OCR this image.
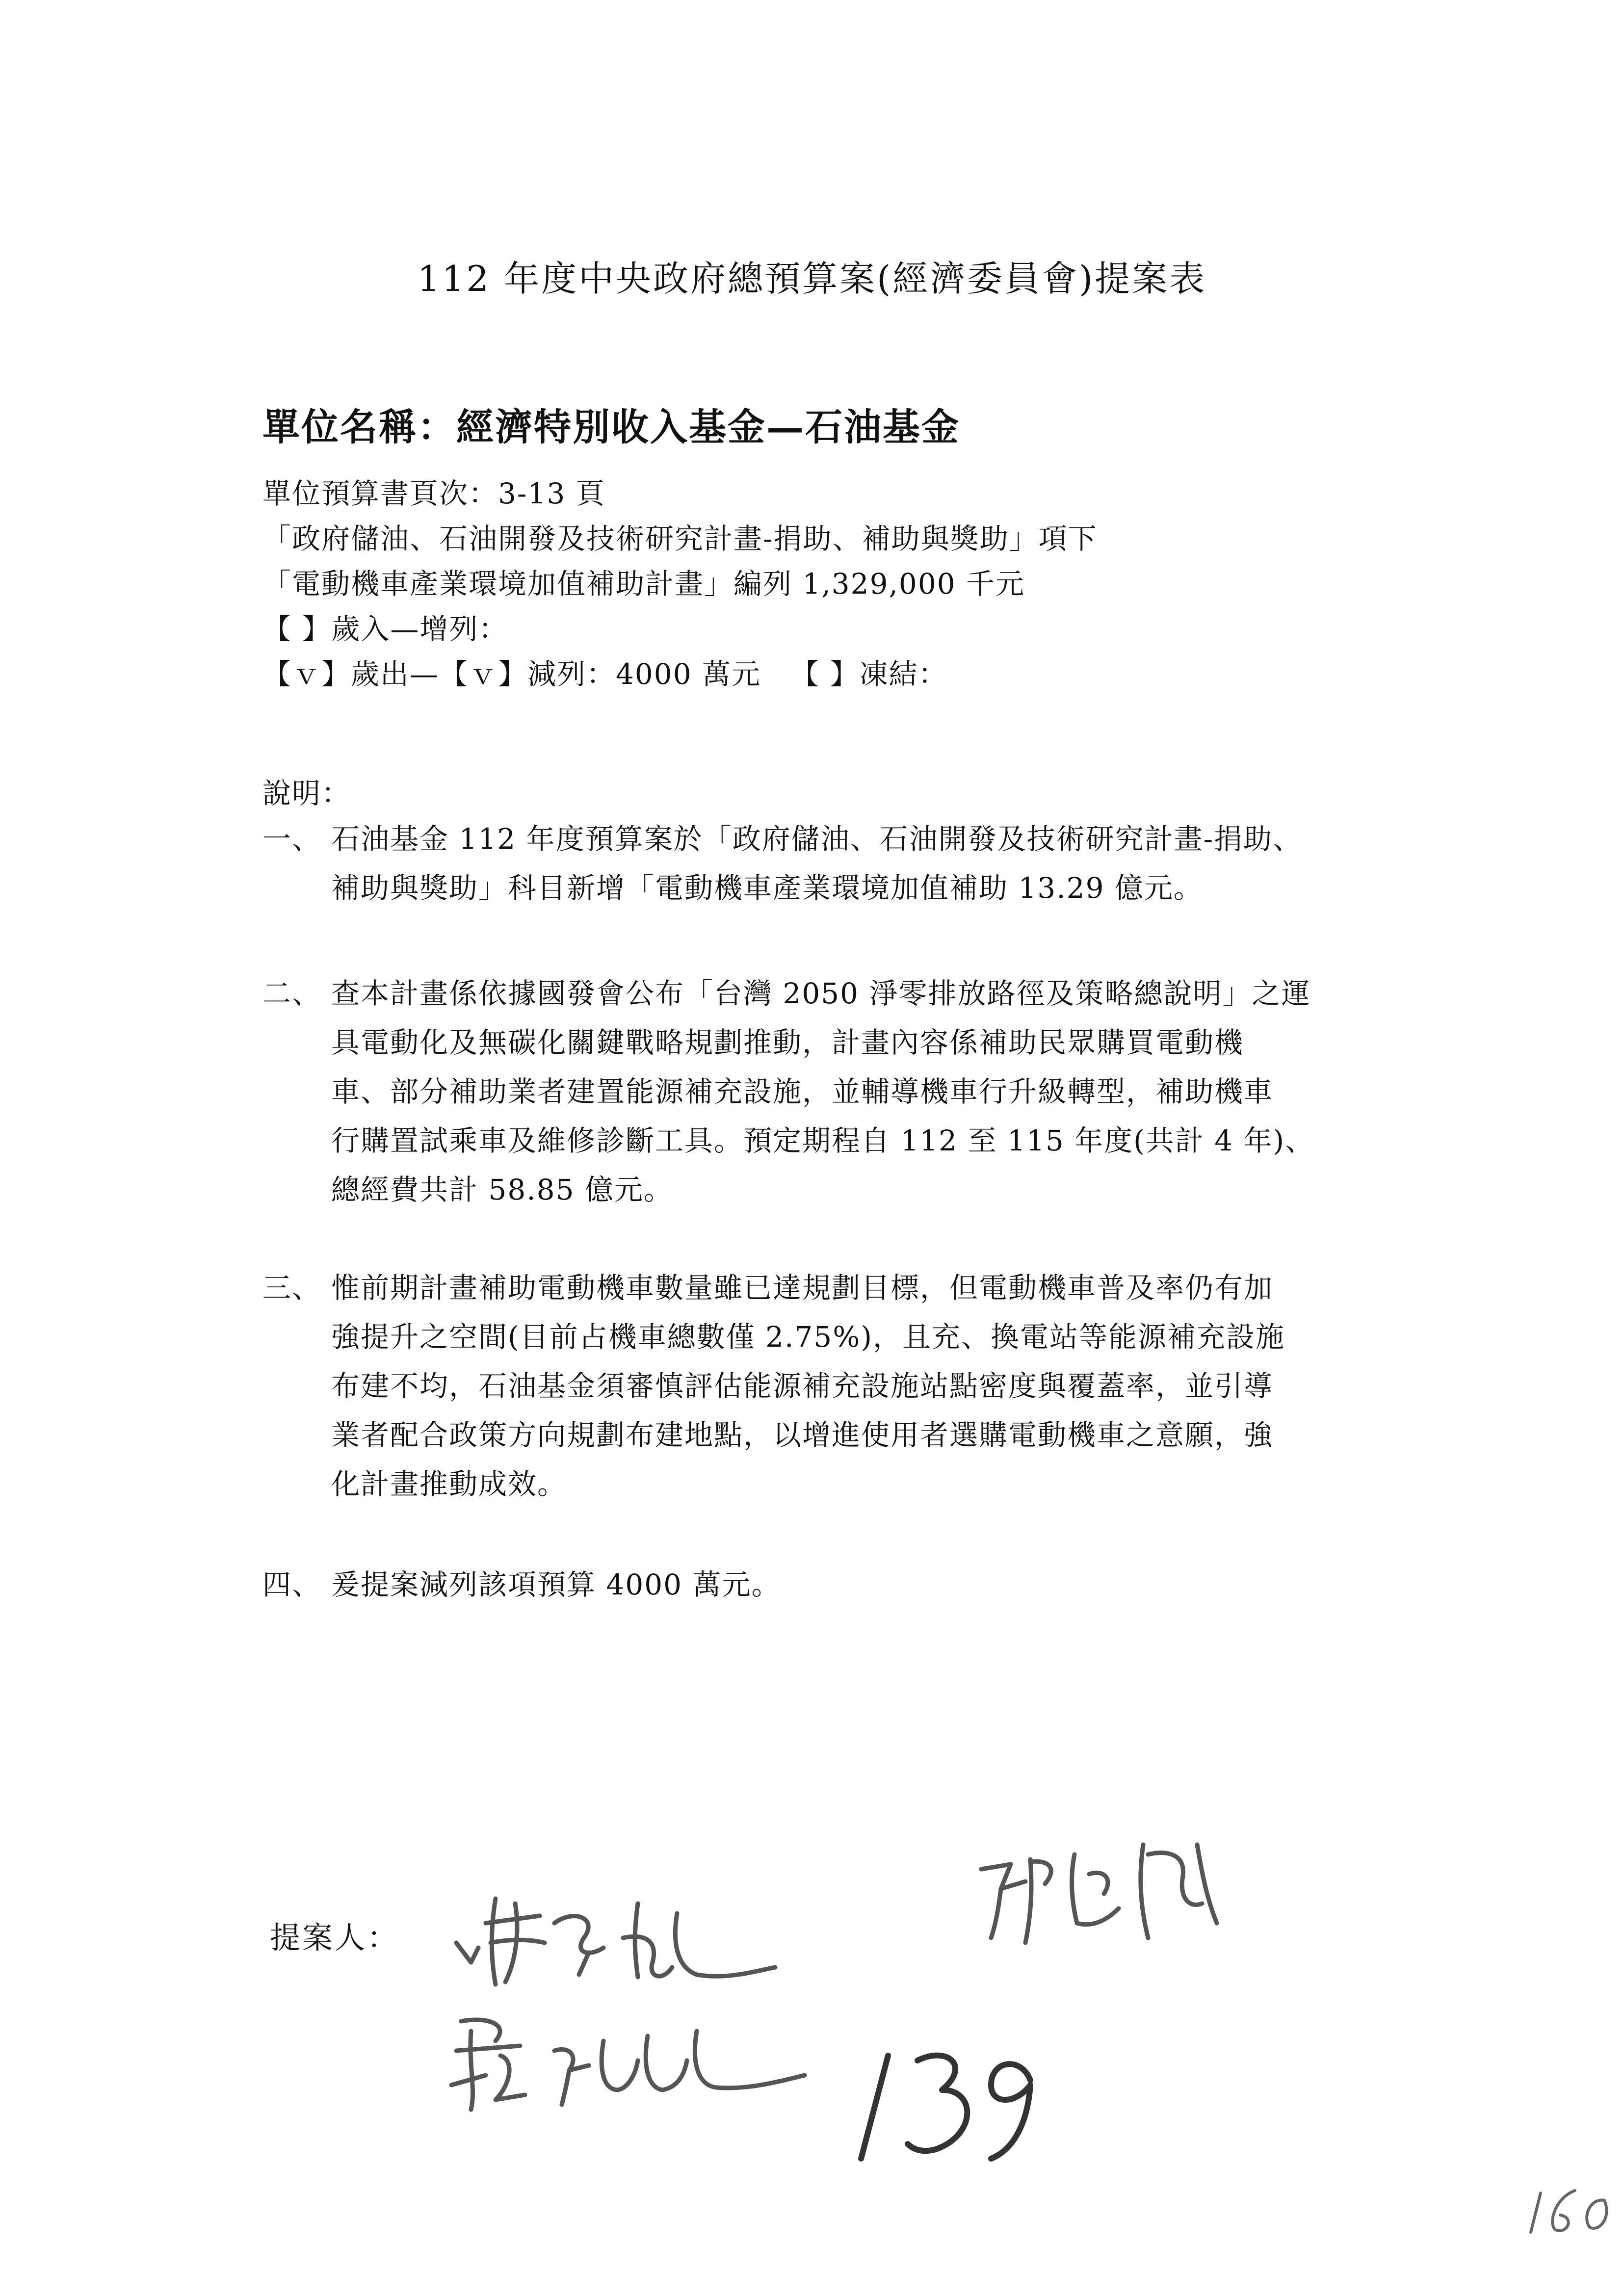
112 年度中央政府總預算案(經濟委員會)提案表
單位名稱：經濟特別收入基金—石油基金
單位預算書頁次：3-13 頁
「政府儲油、石油開發及技術研究計畫-捐助、補助與獎助」項下
「電動機車產業環境加值補助計畫」編列 1,329,000 千元
【 】歲入—增列：
【ｖ】歲出—【ｖ】減列：4000 萬元 【 】凍結：
說明：
一、 石油基金 112 年度預算案於「政府儲油、石油開發及技術研究計畫-捐助、
補助與獎助」科目新增「電動機車產業環境加值補助 13.29 億元。
二、 查本計畫係依據國發會公布「台灣 2050 淨零排放路徑及策略總說明」之運
具電動化及無碳化關鍵戰略規劃推動，計畫內容係補助民眾購買電動機
車、部分補助業者建置能源補充設施，並輔導機車行升級轉型，補助機車
行購置試乘車及維修診斷工具。預定期程自 112 至 115 年度(共計 4 年)、
總經費共計 58.85 億元。
三、 惟前期計畫補助電動機車數量雖已達規劃目標，但電動機車普及率仍有加
強提升之空間(目前占機車總數僅 2.75%)，且充、換電站等能源補充設施
布建不均，石油基金須審慎評估能源補充設施站點密度與覆蓋率，並引導
業者配合政策方向規劃布建地點，以增進使用者選購電動機車之意願，強
化計畫推動成效。
四、 爰提案減列該項預算 4000 萬元。
提案人：
